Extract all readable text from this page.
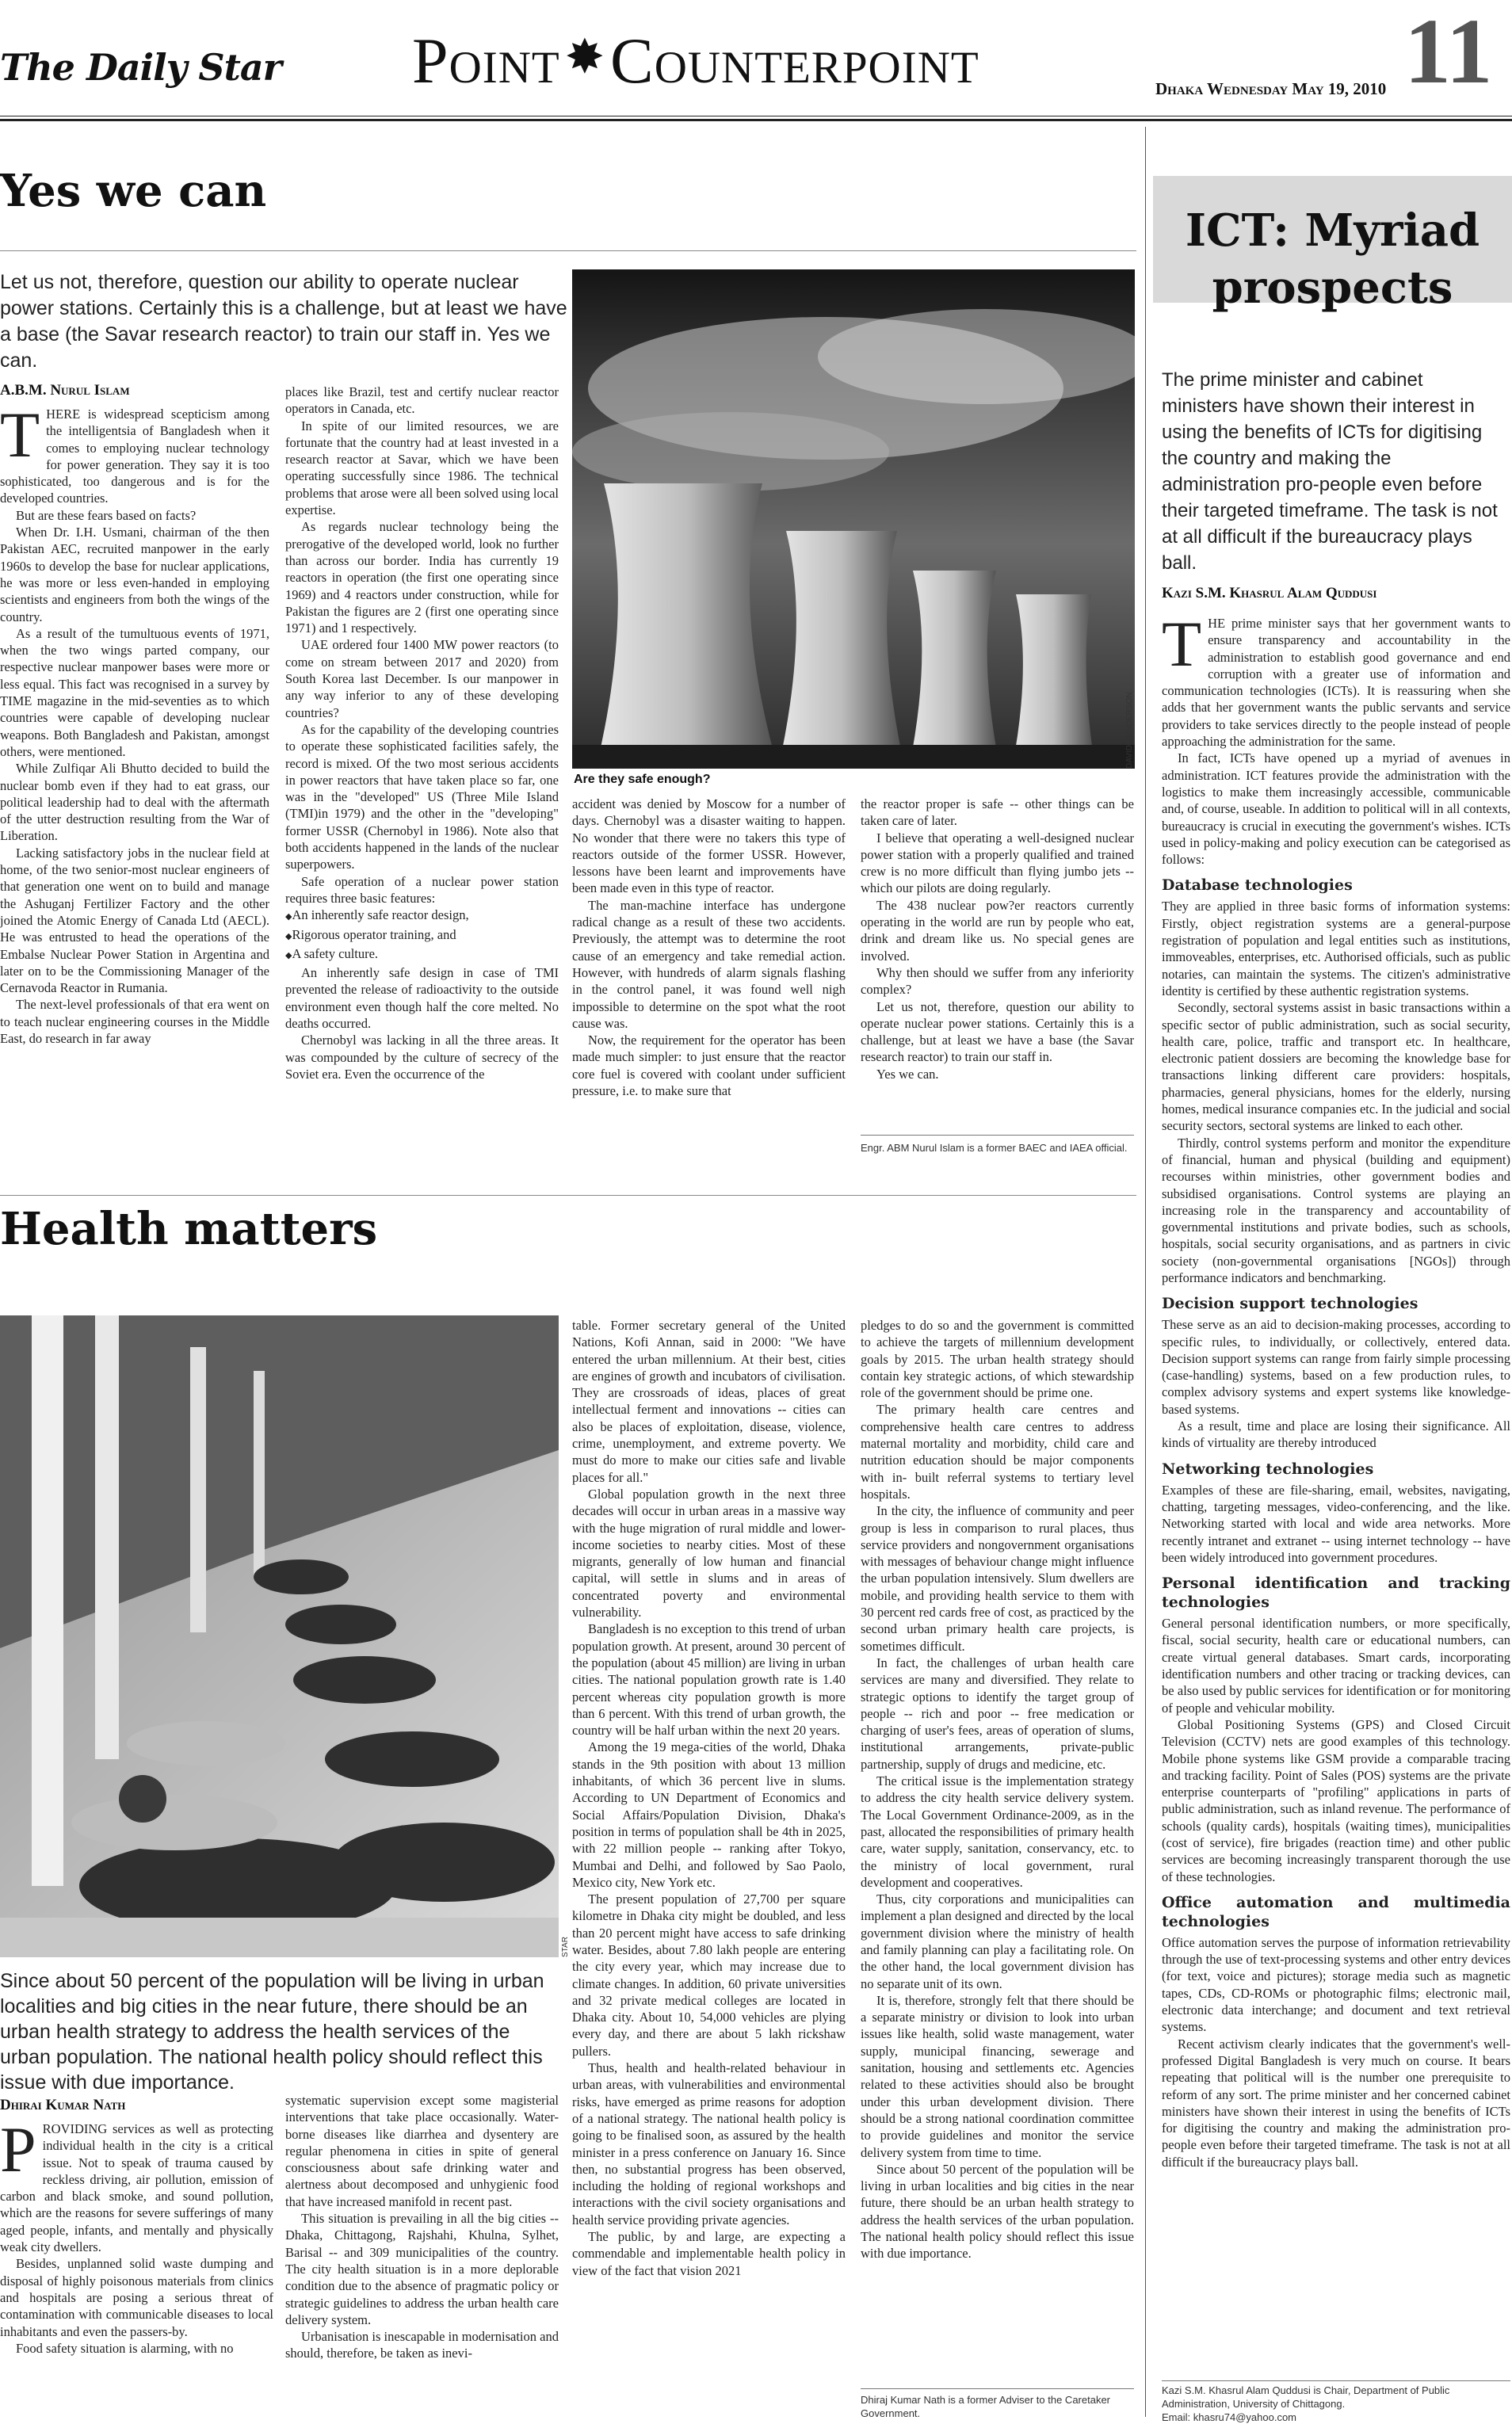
The Daily Star Point ✸Counterpoint	Dhaka Wednesday May 19, 2010 11
Yes we can
Let us not, therefore, question our ability to operate nuclear power stations. Certainly this is a challenge, but at least we have a base (the Savar research reactor) to train our staff in. Yes we can.
A.B.M. Nurul Islam
T HERE is widespread scepticism among the intelligentsia of Bangladesh when it comes to employing nuclear technology for power generation. They say it is too sophisticated, too dangerous and is for the developed countries.

But are these fears based on facts?

When Dr. I.H. Usmani, chairman of the then Pakistan AEC, recruited manpower in the early 1960s to develop the base for nuclear applications, he was more or less even-handed in employing scientists and engineers from both the wings of the country.

As a result of the tumultuous events of 1971, when the two wings parted company, our respective nuclear manpower bases were more or less equal. This fact was recognised in a survey by TIME magazine in the mid-seventies as to which countries were capable of developing nuclear weapons. Both Bangladesh and Pakistan, amongst others, were mentioned.

While Zulfiqar Ali Bhutto decided to build the nuclear bomb even if they had to eat grass, our political leadership had to deal with the aftermath of the utter destruction resulting from the War of Liberation.

Lacking satisfactory jobs in the nuclear field at home, of the two senior-most nuclear engineers of that generation one went on to build and manage the Ashuganj Fertilizer Factory and the other joined the Atomic Energy of Canada Ltd (AECL). He was entrusted to head the operations of the Embalse Nuclear Power Station in Argentina and later on to be the Commissioning Manager of the Cernavoda Reactor in Rumania.

The next-level professionals of that era went on to teach nuclear engineering courses in the Middle East, do research in far away

places like Brazil, test and certify nuclear reactor operators in Canada, etc.

In spite of our limited resources, we are fortunate that the country had at least invested in a research reactor at Savar, which we have been operating successfully since 1986. The technical problems that arose were all been solved using local expertise.

As regards nuclear technology being the prerogative of the developed world, look no further than across our border. India has currently 19 reactors in operation (the first one operating since 1969) and 4 reactors under construction, while for Pakistan the figures are 2 (first one operating since 1971) and 1 respectively.

UAE ordered four 1400 MW power reactors (to come on stream between 2017 and 2020) from South Korea last December. Is our manpower in any way inferior to any of these developing countries?

As for the capability of the developing countries to operate these sophisticated facilities safely, the record is mixed. Of the two most serious accidents in power reactors that have taken place so far, one was in the "developed" US (Three Mile Island (TMI)in 1979) and the other in the "developing" former USSR (Chernobyl in 1986). Note also that both accidents happened in the lands of the nuclear superpowers.

Safe operation of a nuclear power station requires three basic features:

◆ An inherently safe reactor design,
◆ Rigorous operator training, and
◆ A safety culture.

An inherently safe design in case of TMI prevented the release of radioactivity to the outside environment even though half the core melted. No deaths occurred.

Chernobyl was lacking in all the three areas. It was compounded by the culture of secrecy of the Soviet era. Even the occurrence of the

DAVID HENDERSON
Are they safe enough?

accident was denied by Moscow for a number of days. Chernobyl was a disaster waiting to happen. No wonder that there were no takers this type of reactors outside of the former USSR. However, lessons have been learnt and improvements have been made even in this type of reactor.

The man-machine interface has undergone radical change as a result of these two accidents. Previously, the attempt was to determine the root cause of an emergency and take remedial action. However, with hundreds of alarm signals flashing in the control panel, it was found well nigh impossible to determine on the spot what the root cause was.

Now, the requirement for the operator has been made much simpler: to just ensure that the reactor core fuel is covered with coolant under sufficient pressure, i.e. to make sure that

the reactor proper is safe -- other things can be taken care of later.

I believe that operating a well-designed nuclear power station with a properly qualified and trained crew is no more difficult than flying jumbo jets -- which our pilots are doing regularly.

The 438 nuclear pow?er reactors currently operating in the world are run by people who eat, drink and dream like us. No special genes are involved.

Why then should we suffer from any inferiority complex?

Let us not, therefore, question our ability to operate nuclear power stations. Certainly this is a challenge, but at least we have a base (the Savar research reactor) to train our staff in.

Yes we can.

Engr. ABM Nurul Islam is a former BAEC and IAEA official.
Health matters
STAR
Since about 50 percent of the population will be living in urban localities and big cities in the near future, there should be an urban health strategy to address the health services of the urban population. The national health policy should reflect this issue with due importance.
Dhirai Kumar Nath
P ROVIDING services as well as protecting individual health in the city is a critical issue. Not to speak of trauma caused by reckless driving, air pollution, emission of carbon and black smoke, and sound pollution, which are the reasons for severe sufferings of many aged people, infants, and mentally and physically weak city dwellers.

Besides, unplanned solid waste dumping and disposal of highly poisonous materials from clinics and hospitals are posing a serious threat of contamination with communicable diseases to local inhabitants and even the passers-by.

Food safety situation is alarming, with no

systematic supervision except some magisterial interventions that take place occasionally. Water-borne diseases like diarrhea and dysentery are regular phenomena in cities in spite of general consciousness about safe drinking water and alertness about decomposed and unhygienic food that have increased manifold in recent past.

This situation is prevailing in all the big cities -- Dhaka, Chittagong, Rajshahi, Khulna, Sylhet, Barisal -- and 309 municipalities of the country. The city health situation is in a more deplorable condition due to the absence of pragmatic policy or strategic guidelines to address the urban health care delivery system.

Urbanisation is inescapable in modernisation and should, therefore, be taken as inevi-

table. Former secretary general of the United Nations, Kofi Annan, said in 2000: "We have entered the urban millennium. At their best, cities are engines of growth and incubators of civilisation. They are crossroads of ideas, places of great intellectual ferment and innovations -- cities can also be places of exploitation, disease, violence, crime, unemployment, and extreme poverty. We must do more to make our cities safe and livable places for all."

Global population growth in the next three decades will occur in urban areas in a massive way with the huge migration of rural middle and lower-income societies to nearby cities. Most of these migrants, generally of low human and financial capital, will settle in slums and in areas of concentrated poverty and environmental vulnerability.

Bangladesh is no exception to this trend of urban population growth. At present, around 30 percent of the population (about 45 million) are living in urban cities. The national population growth rate is 1.40 percent whereas city population growth is more than 6 percent. With this trend of urban growth, the country will be half urban within the next 20 years.

Among the 19 mega-cities of the world, Dhaka stands in the 9th position with about 13 million inhabitants, of which 36 percent live in slums. According to UN Department of Economics and Social Affairs/Population Division, Dhaka's position in terms of population shall be 4th in 2025, with 22 million people -- ranking after Tokyo, Mumbai and Delhi, and followed by Sao Paolo, Mexico city, New York etc.

The present population of 27,700 per square kilometre in Dhaka city might be doubled, and less than 20 percent might have access to safe drinking water. Besides, about 7.80 lakh people are entering the city every year, which may increase due to climate changes. In addition, 60 private universities and 32 private medical colleges are located in Dhaka city. About 10, 54,000 vehicles are plying every day, and there are about 5 lakh rickshaw pullers.

Thus, health and health-related behaviour in urban areas, with vulnerabilities and environmental risks, have emerged as prime reasons for adoption of a national strategy. The national health policy is going to be finalised soon, as assured by the health minister in a press conference on January 16. Since then, no substantial progress has been observed, including the holding of regional workshops and interactions with the civil society organisations and health service providing private agencies.

The public, by and large, are expecting a commendable and implementable health policy in view of the fact that vision 2021

pledges to do so and the government is committed to achieve the targets of millennium development goals by 2015. The urban health strategy should contain key strategic actions, of which stewardship role of the government should be prime one.

The primary health care centres and comprehensive health care centres to address maternal mortality and morbidity, child care and nutrition education should be major components with in- built referral systems to tertiary level hospitals.

In the city, the influence of community and peer group is less in comparison to rural places, thus service providers and nongovernment organisations with messages of behaviour change might influence the urban population intensively. Slum dwellers are mobile, and providing health service to them with 30 percent red cards free of cost, as practiced by the second urban primary health care projects, is sometimes difficult.

In fact, the challenges of urban health care services are many and diversified. They relate to strategic options to identify the target group of people -- rich and poor -- free medication or charging of user's fees, areas of operation of slums, institutional arrangements, private-public partnership, supply of drugs and medicine, etc.

The critical issue is the implementation strategy to address the city health service delivery system. The Local Government Ordinance-2009, as in the past, allocated the responsibilities of primary health care, water supply, sanitation, conservancy, etc. to the ministry of local government, rural development and cooperatives.

Thus, city corporations and municipalities can implement a plan designed and directed by the local government division where the ministry of health and family planning can play a facilitating role. On the other hand, the local government division has no separate unit of its own.

It is, therefore, strongly felt that there should be a separate ministry or division to look into urban issues like health, solid waste management, water supply, municipal financing, sewerage and sanitation, housing and settlements etc. Agencies related to these activities should also be brought under this urban development division. There should be a strong national coordination committee to provide guidelines and monitor the service delivery system from time to time.

Since about 50 percent of the population will be living in urban localities and big cities in the near future, there should be an urban health strategy to address the health services of the urban population. The national health policy should reflect this issue with due importance.

Dhiraj Kumar Nath is a former Adviser to the Caretaker Government.
ICT: Myriad prospects
The prime minister and cabinet ministers have shown their interest in using the benefits of ICTs for digitising the country and making the administration pro-people even before their targeted timeframe. The task is not at all difficult if the bureaucracy plays ball.
Kazi S.M. Khasrul Alam Quddusi
T HE prime minister says that her government wants to ensure transparency and accountability in the administration to establish good governance and end corruption with a greater use of information and communication technologies (ICTs). It is reassuring when she adds that her government wants the public servants and service providers to take services directly to the people instead of people approaching the administration for the same.

In fact, ICTs have opened up a myriad of avenues in administration. ICT features provide the administration with the logistics to make them increasingly accessible, communicable and, of course, useable. In addition to political will in all contexts, bureaucracy is crucial in executing the government's wishes. ICTs used in policy-making and policy execution can be categorised as follows:

Database technologies

They are applied in three basic forms of information systems: Firstly, object registration systems are a general-purpose registration of population and legal entities such as institutions, immoveables, enterprises, etc. Authorised officials, such as public notaries, can maintain the systems. The citizen's administrative identity is certified by these authentic registration systems.

Secondly, sectoral systems assist in basic transactions within a specific sector of public administration, such as social security, health care, police, traffic and transport etc. In healthcare, electronic patient dossiers are becoming the knowledge base for transactions linking different care providers: hospitals, pharmacies, general physicians, homes for the elderly, nursing homes, medical insurance companies etc. In the judicial and social security sectors, sectoral systems are linked to each other.

Thirdly, control systems perform and monitor the expenditure of financial, human and physical (building and equipment) recourses within ministries, other government bodies and subsidised organisations. Control systems are playing an increasing role in the transparency and accountability of governmental institutions and private bodies, such as schools, hospitals, social security organisations, and as partners in civic society (non-governmental organisations [NGOs]) through performance indicators and benchmarking.

Decision support technologies

These serve as an aid to decision-making processes, according to specific rules, to individually, or collectively, entered data. Decision support systems can range from fairly simple processing (case-handling) systems, based on a few production rules, to complex advisory systems and expert systems like knowledge-based systems.

As a result, time and place are losing their significance. All kinds of virtuality are thereby introduced

Networking technologies

Examples of these are file-sharing, email, websites, navigating, chatting, targeting messages, video-conferencing, and the like. Networking started with local and wide area networks. More recently intranet and extranet -- using internet technology -- have been widely introduced into government procedures.

Personal identification and tracking technologies

General personal identification numbers, or more specifically, fiscal, social security, health care or educational numbers, can create virtual general databases. Smart cards, incorporating identification numbers and other tracing or tracking devices, can be also used by public services for identification or for monitoring of people and vehicular mobility.

Global Positioning Systems (GPS) and Closed Circuit Television (CCTV) nets are good examples of this technology. Mobile phone systems like GSM provide a comparable tracing and tracking facility. Point of Sales (POS) systems are the private enterprise counterparts of "profiling" applications in parts of public administration, such as inland revenue. The performance of schools (quality cards), hospitals (waiting times), municipalities (cost of service), fire brigades (reaction time) and other public services are becoming increasingly transparent thorough the use of these technologies.

Office automation and multimedia technologies

Office automation serves the purpose of information retrievability through the use of text-processing systems and other entry devices (for text, voice and pictures); storage media such as magnetic tapes, CDs, CD-ROMs or photographic films; electronic mail, electronic data interchange; and document and text retrieval systems.

Recent activism clearly indicates that the government's well-professed Digital Bangladesh is very much on course. It bears repeating that political will is the number one prerequisite to reform of any sort. The prime minister and her concerned cabinet ministers have shown their interest in using the benefits of ICTs for digitising the country and making the administration pro-people even before their targeted timeframe. The task is not at all difficult if the bureaucracy plays ball.

Kazi S.M. Khasrul Alam Quddusi is Chair, Department of Public Administration, University of Chittagong.
Email: khasru74@yahoo.com
